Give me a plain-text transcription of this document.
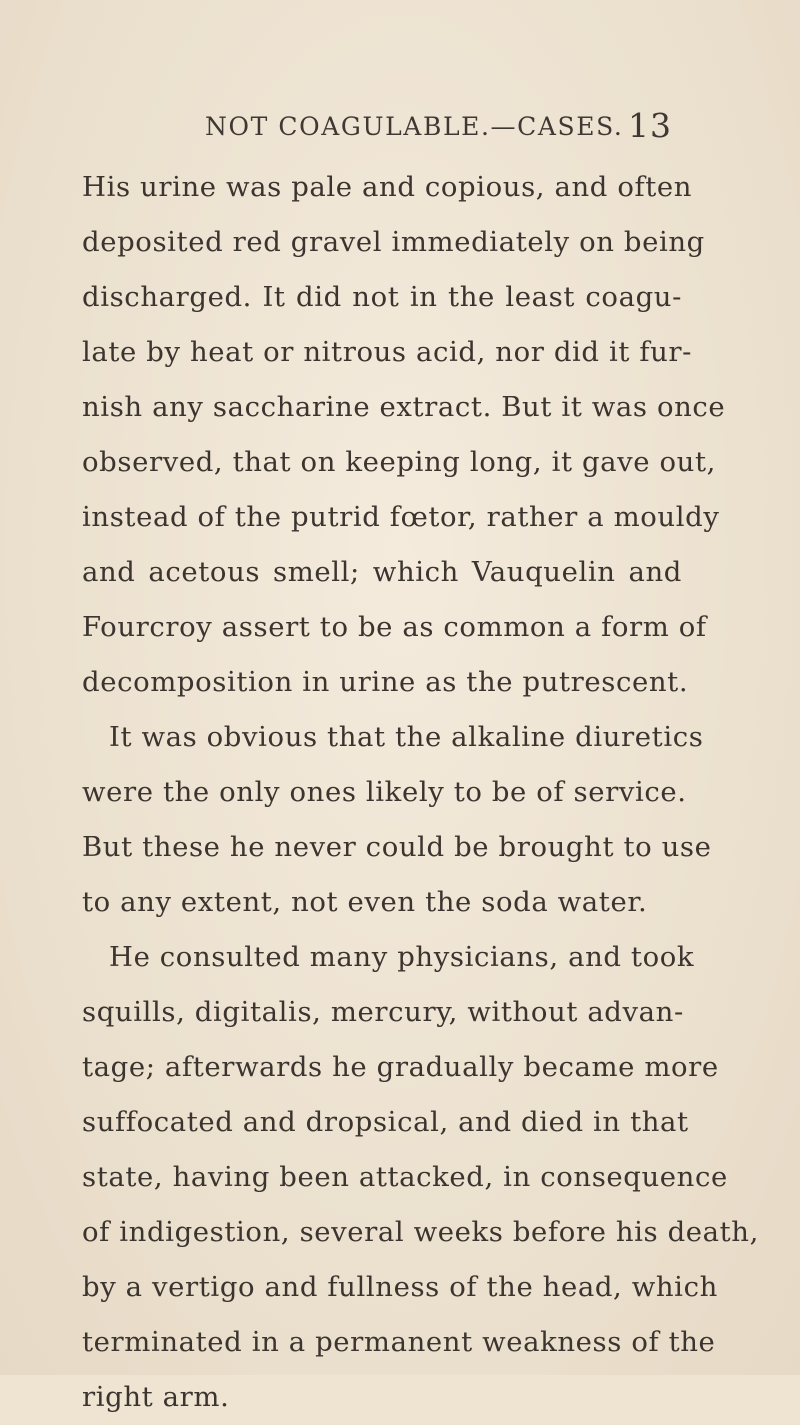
NOT COAGULABLE.—CASES. 13
His urine was pale and copious, and often
deposited red gravel immediately on being
discharged. It did not in the least coagu-
late by heat or nitrous acid, nor did it fur-
nish any saccharine extract. But it was once
observed, that on keeping long, it gave out,
instead of the putrid fœtor, rather a mouldy
and acetous smell; which Vauquelin and
Fourcroy assert to be as common a form of
decomposition in urine as the putrescent.
It was obvious that the alkaline diuretics
were the only ones likely to be of service.
But these he never could be brought to use
to any extent, not even the soda water.
He consulted many physicians, and took
squills, digitalis, mercury, without advan-
tage; afterwards he gradually became more
suffocated and dropsical, and died in that
state, having been attacked, in consequence
of indigestion, several weeks before his death,
by a vertigo and fullness of the head, which
terminated in a permanent weakness of the
right arm.
